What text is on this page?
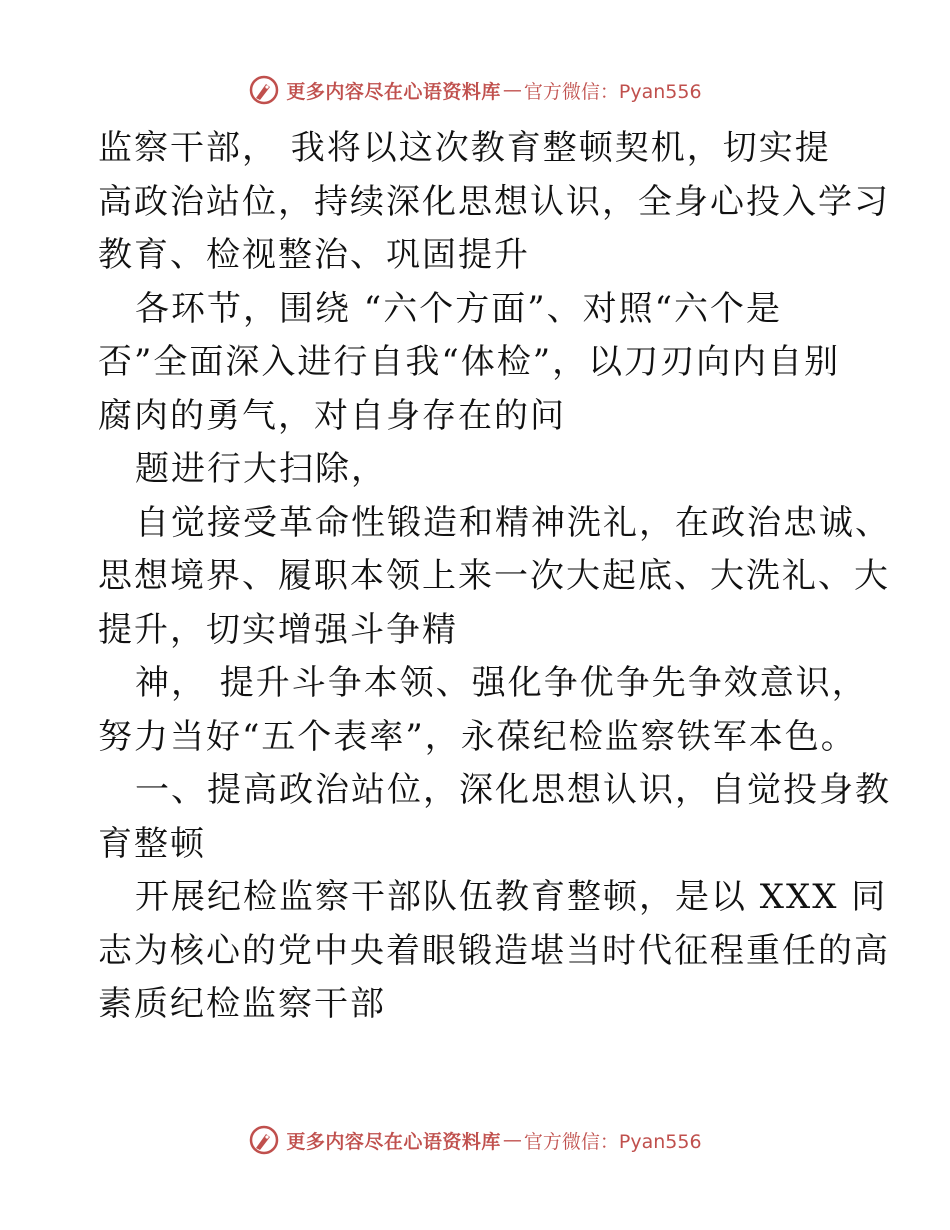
更多内容尽在心语资料库 — 官方微信：Pyan556
监察干部， 我将以这次教育整顿契机，切实提
高政治站位，持续深化思想认识，全身心投入学习
教育、检视整治、巩固提升
各环节，围绕 “六个方面”、对照“六个是
否”全面深入进行自我“体检”，以刀刃向内自别
腐肉的勇气，对自身存在的问
题进行大扫除，
自觉接受革命性锻造和精神洗礼，在政治忠诚、
思想境界、履职本领上来一次大起底、大洗礼、大
提升，切实增强斗争精
神， 提升斗争本领、强化争优争先争效意识，
努力当好“五个表率”，永葆纪检监察铁军本色。
一、提高政治站位，深化思想认识，自觉投身教
育整顿
开展纪检监察干部队伍教育整顿，是以 XXX 同
志为核心的党中央着眼锻造堪当时代征程重任的高
素质纪检监察干部
更多内容尽在心语资料库 — 官方微信：Pyan556
